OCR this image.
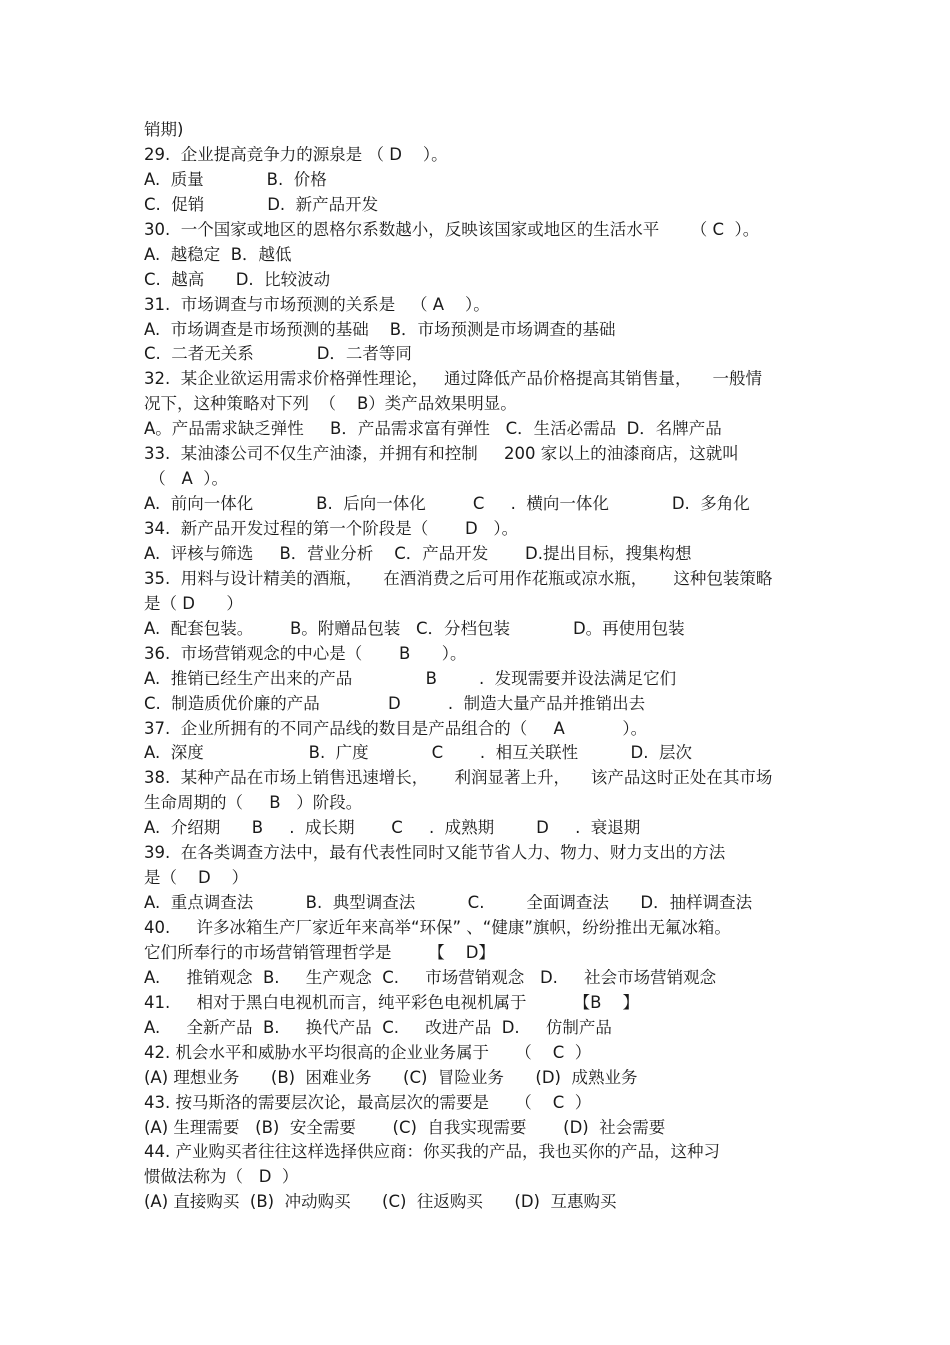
销期)
29.  企业提高竞争力的源泉是 （ D    ）。
A.  质量            B.  价格
C.  促销            D.  新产品开发
30.  一个国家或地区的恩格尔系数越小，反映该国家或地区的生活水平      （ C  ）。
A.  越稳定  B．越低
C.  越高      D.  比较波动
31.  市场调查与市场预测的关系是   （ A    ）。
A.  市场调查是市场预测的基础    B．市场预测是市场调查的基础
C.  二者无关系            D．二者等同
32.  某企业欲运用需求价格弹性理论，   通过降低产品价格提高其销售量，    一般情
况下，这种策略对下列  （    B）类产品效果明显。
A。产品需求缺乏弹性     B．产品需求富有弹性   C．生活必需品  D．名牌产品
33.  某油漆公司不仅生产油漆，并拥有和控制     200 家以上的油漆商店，这就叫
（   A  ）。
A.  前向一体化            B.  后向一体化         C     .  横向一体化            D.  多角化
34.  新产品开发过程的第一个阶段是（       D   ）。
A.  评核与筛选     B．营业分析    C．产品开发       D.提出目标，搜集构想
35.  用料与设计精美的酒瓶，    在酒消费之后可用作花瓶或凉水瓶，     这种包装策略
是（ D      ）
A.  配套包装。       B。附赠品包装   C．分档包装            D。再使用包装
36.  市场营销观念的中心是（       B      ）。
A.  推销已经生产出来的产品              B        .  发现需要并设法满足它们
C.  制造质优价廉的产品             D         .  制造大量产品并推销出去
37.  企业所拥有的不同产品线的数目是产品组合的（     A           ）。
A.  深度                    B.  广度            C       .  相互关联性          D.  层次
38.  某种产品在市场上销售迅速增长，     利润显著上升，    该产品这时正处在其市场
生命周期的（     B   ）阶段。
A.  介绍期      B     .  成长期       C     .  成熟期        D     .  衰退期
39.  在各类调查方法中，最有代表性同时又能节省人力、物力、财力支出的方法
是（    D    ）
A.  重点调查法          B.  典型调查法          C.        全面调查法      D．抽样调查法
40.     许多冰箱生产厂家近年来高举“环保” 、“健康”旗帜，纷纷推出无氟冰箱。
它们所奉行的市场营销管理哲学是       【    D】
A.     推销观念  B.     生产观念  C.     市场营销观念   D.     社会市场营销观念
41.     相对于黑白电视机而言，纯平彩色电视机属于         【B    】
A.     全新产品  B.     换代产品  C.     改进产品  D.     仿制产品
42. 机会水平和威胁水平均很高的企业业务属于     （    C  ）
(A) 理想业务      (B)  困难业务      (C)  冒险业务      (D)  成熟业务
43. 按马斯洛的需要层次论，最高层次的需要是     （    C  ）
(A) 生理需要   (B)  安全需要       (C)  自我实现需要       (D)  社会需要
44. 产业购买者往往这样选择供应商：你买我的产品，我也买你的产品，这种习
惯做法称为（   D  ）
(A) 直接购买  (B)  冲动购买      (C)  往返购买      (D)  互惠购买
